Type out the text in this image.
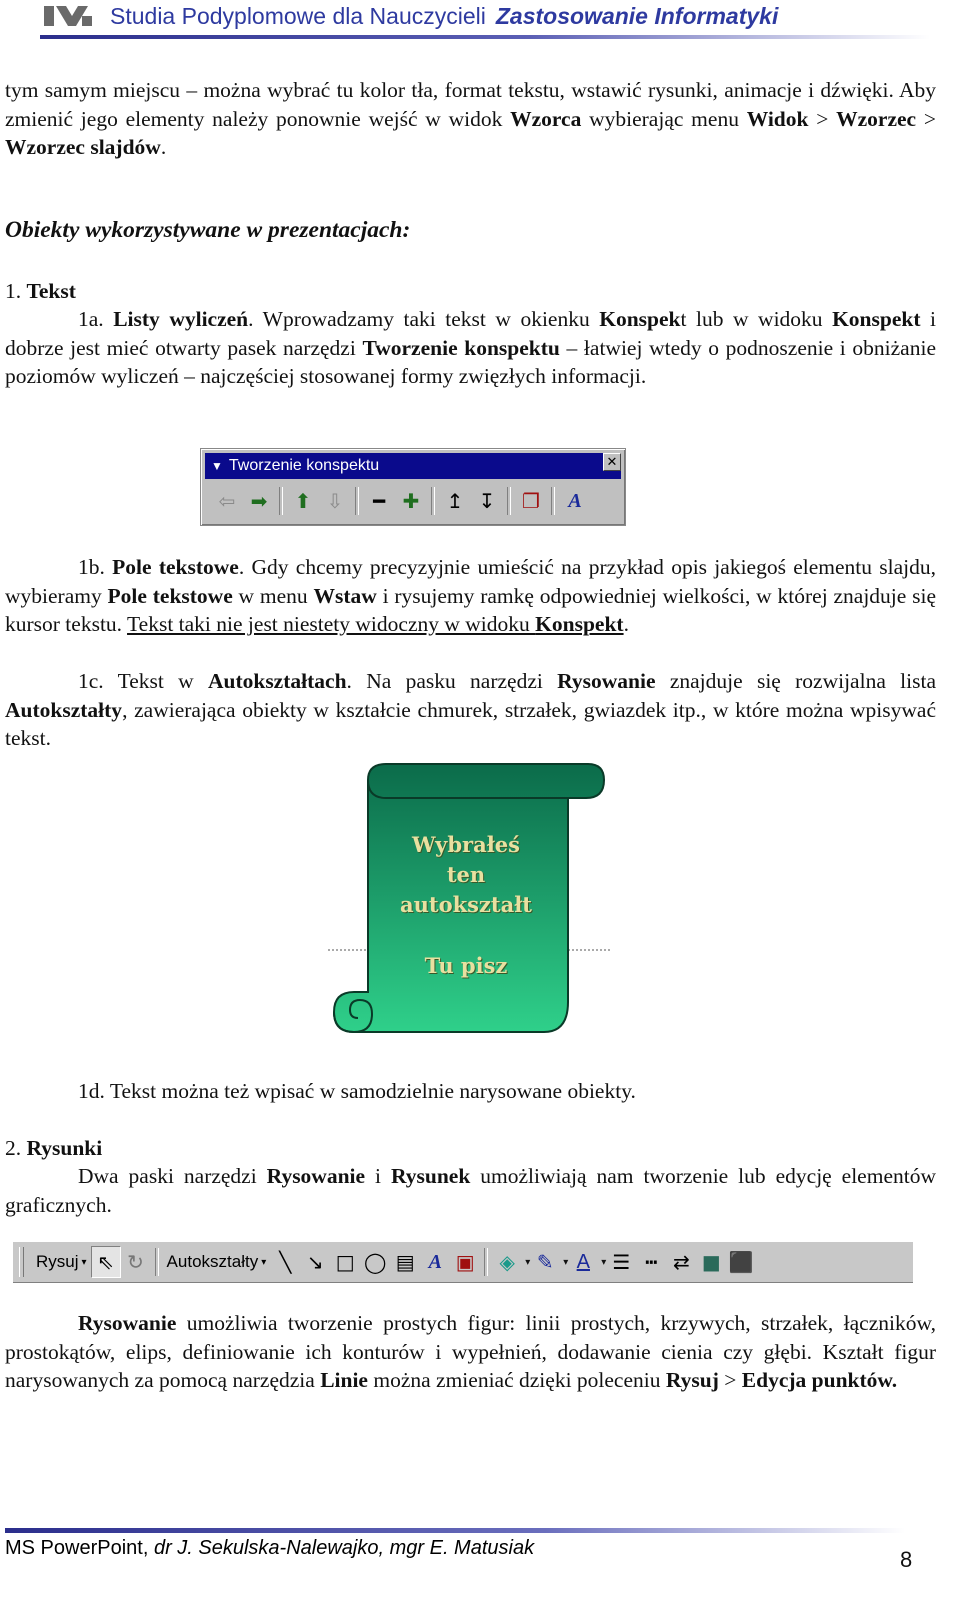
Studia Podyplomowe dla Nauczycieli Zastosowanie Informatyki

tym samym miejscu – można wybrać tu kolor tła, format tekstu, wstawić rysunki, animacje i dźwięki. Aby zmienić jego elementy należy ponownie wejść w widok Wzorca wybierając menu Widok > Wzorzec > Wzorzec slajdów.

Obiekty wykorzystywane w prezentacjach:

1. Tekst

1a. Listy wyliczeń. Wprowadzamy taki tekst w okienku Konspekt lub w widoku Konspekt i dobrze jest mieć otwarty pasek narzędzi Tworzenie konspektu – łatwiej wtedy o podnoszenie i obniżanie poziomów wyliczeń – najczęściej stosowanej formy zwięzłych informacji.

▼ Tworzenie konspektu	✕
⇦ ➡	⬆ ⇩	━ ✚	↥ ↧	❐	A

1b. Pole tekstowe. Gdy chcemy precyzyjnie umieścić na przykład opis jakiegoś elementu slajdu, wybieramy Pole tekstowe w menu Wstaw i rysujemy ramkę odpowiedniej wielkości, w której znajduje się kursor tekstu. Tekst taki nie jest niestety widoczny w widoku Konspekt.

1c. Tekst w Autokształtach. Na pasku narzędzi Rysowanie znajduje się rozwijalna lista Autokształty, zawierająca obiekty w kształcie chmurek, strzałek, gwiazdek itp., w które można wpisywać tekst.

Wybrałeś
ten
autokształt
Tu pisz

1d. Tekst można też wpisać w samodzielnie narysowane obiekty.

2. Rysunki

Dwa paski narzędzi Rysowanie i Rysunek umożliwiają nam tworzenie lub edycję elementów graficznych.

Rysuj ▾ ⇖ ↻	Autokształty ▾ ╲ ↘ □ ◯ ▤ A ▣	◈	▾ ✎ ▾ A	▾ ☰ ┅ ⇄ ■ ⬛

Rysowanie umożliwia tworzenie prostych figur: linii prostych, krzywych, strzałek, łączników, prostokątów, elips, definiowanie ich konturów i wypełnień, dodawanie cienia czy głębi. Kształt figur narysowanych za pomocą narzędzia Linie można zmieniać dzięki poleceniu Rysuj > Edycja punktów.

MS PowerPoint, dr J. Sekulska-Nalewajko, mgr E. Matusiak	8
